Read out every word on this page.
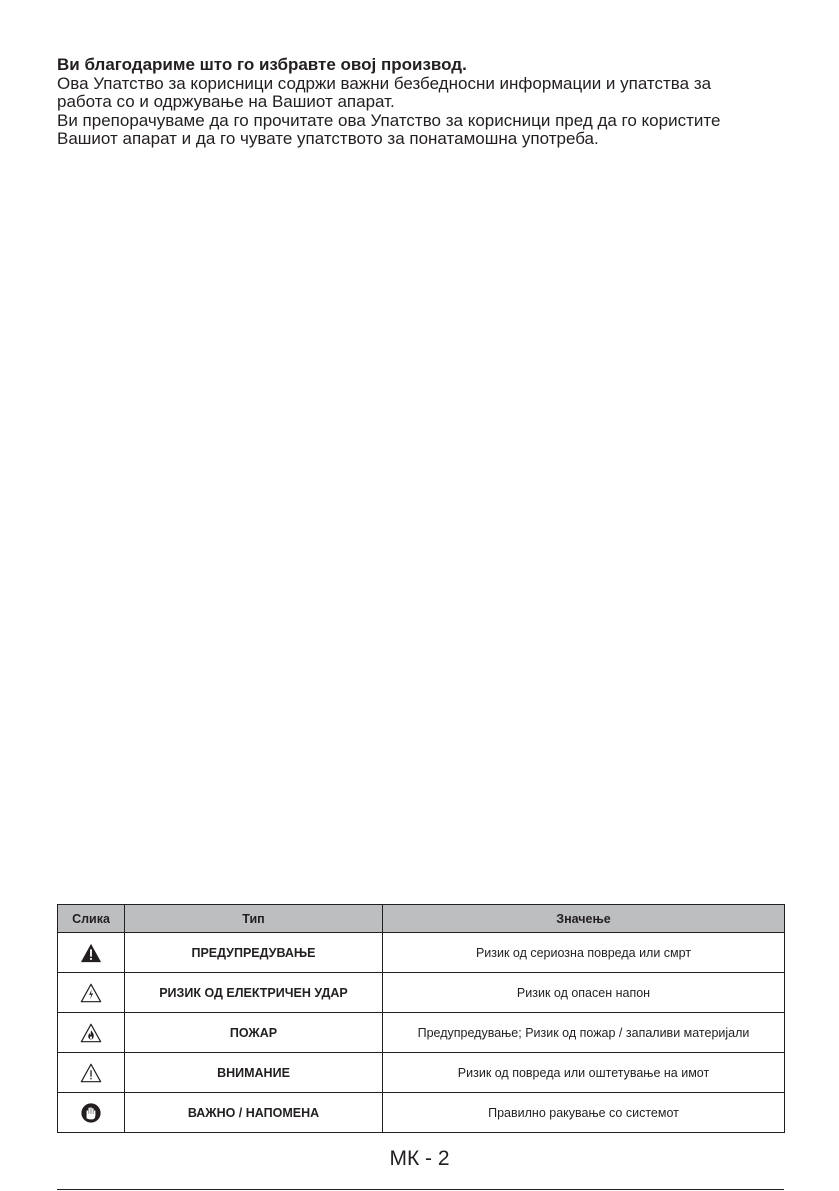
Ви благодариме што го избравте овој производ.

Ова Упатство за корисници содржи важни безбедносни информации и упатства за

работа со и одржување на Вашиот апарат.

Ви препорачуваме да го прочитате ова Упатство за корисници пред да го користите

Вашиот апарат и да го чувате упатството за понатамошна употреба.

Слика	Тип	Значење

	ПРЕДУПРЕДУВАЊЕ	Ризик од сериозна повреда или смрт

	РИЗИК ОД ЕЛЕКТРИЧЕН УДАР	Ризик од опасен напон

	ПОЖАР	Предупредување; Ризик од пожар / запаливи материјали

	ВНИМАНИЕ	Ризик од повреда или оштетување на имот

	ВАЖНО / НАПОМЕНА	Правилно ракување со системот
МК - 2
